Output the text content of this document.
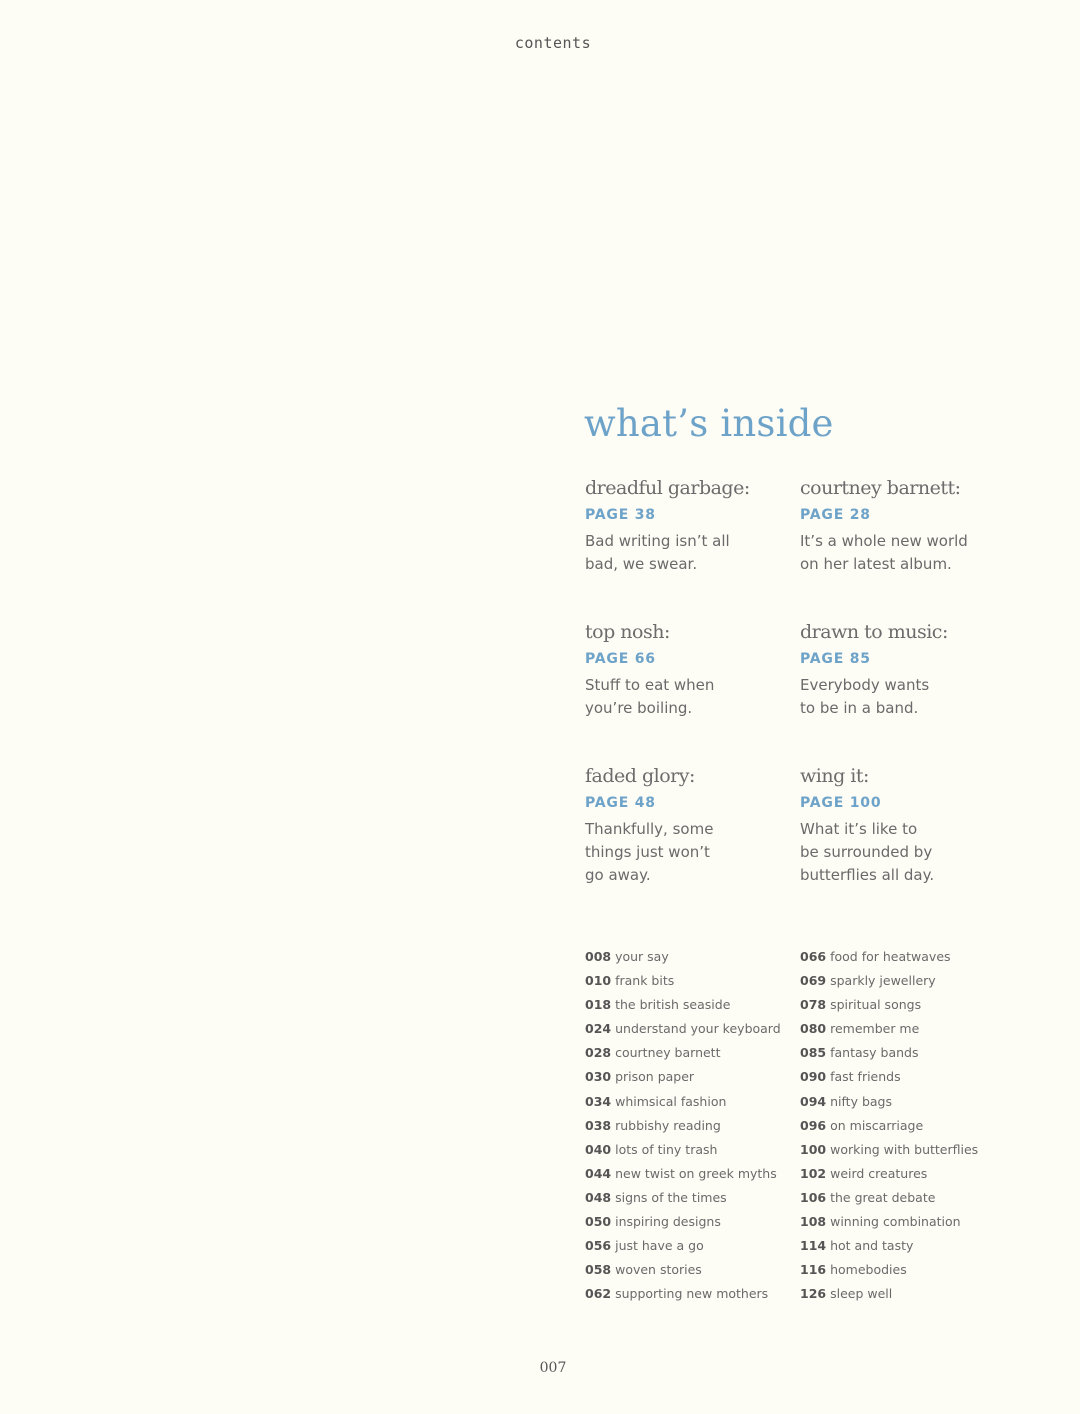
contents
what’s inside
dreadful garbage:
PAGE 38
Bad writing isn’t all
bad, we swear.
courtney barnett:
PAGE 28
It’s a whole new world
on her latest album.
top nosh:
PAGE 66
Stuff to eat when
you’re boiling.
drawn to music:
PAGE 85
Everybody wants
to be in a band.
faded glory:
PAGE 48
Thankfully, some
things just won’t
go away.
wing it:
PAGE 100
What it’s like to
be surrounded by
butterflies all day.
008 your say
010 frank bits
018 the british seaside
024 understand your keyboard
028 courtney barnett
030 prison paper
034 whimsical fashion
038 rubbishy reading
040 lots of tiny trash
044 new twist on greek myths
048 signs of the times
050 inspiring designs
056 just have a go
058 woven stories
062 supporting new mothers
066 food for heatwaves
069 sparkly jewellery
078 spiritual songs
080 remember me
085 fantasy bands
090 fast friends
094 nifty bags
096 on miscarriage
100 working with butterflies
102 weird creatures
106 the great debate
108 winning combination
114 hot and tasty
116 homebodies
126 sleep well
007
